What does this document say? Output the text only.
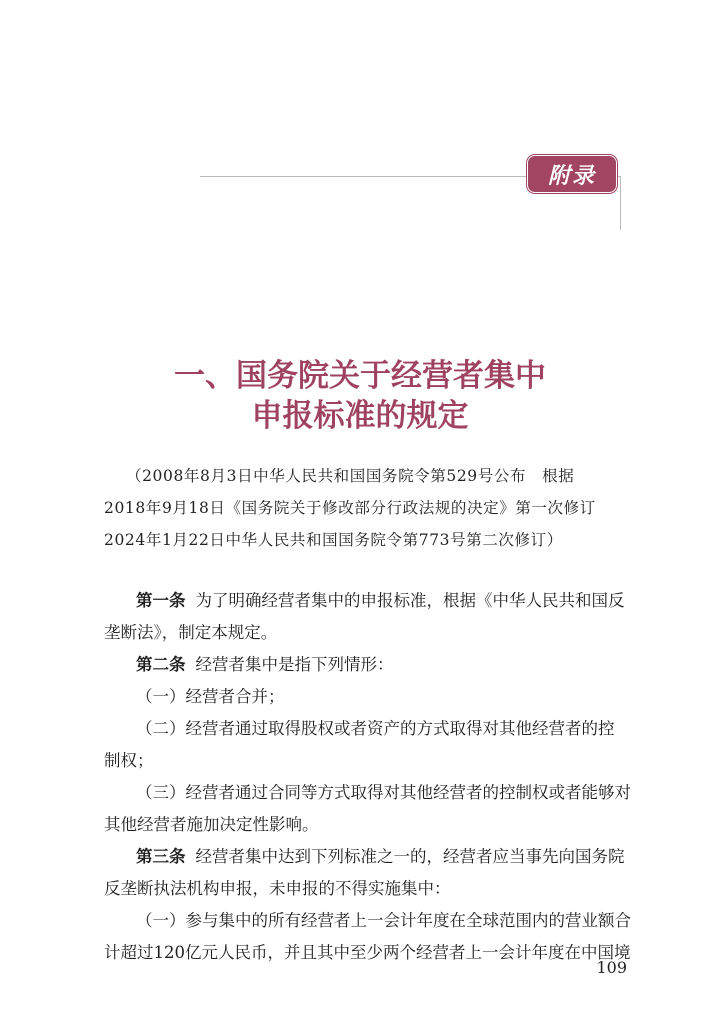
附录
一、国务院关于经营者集中
申报标准的规定
（2008年8月3日中华人民共和国国务院令第529号公布　根据
2018年9月18日《国务院关于修改部分行政法规的决定》第一次修订
2024年1月22日中华人民共和国国务院令第773号第二次修订）
第一条 为了明确经营者集中的申报标准，根据《中华人民共和国反
垄断法》，制定本规定。
第二条 经营者集中是指下列情形：
（一）经营者合并；
（二）经营者通过取得股权或者资产的方式取得对其他经营者的控
制权；
（三）经营者通过合同等方式取得对其他经营者的控制权或者能够对
其他经营者施加决定性影响。
第三条 经营者集中达到下列标准之一的，经营者应当事先向国务院
反垄断执法机构申报，未申报的不得实施集中：
（一）参与集中的所有经营者上一会计年度在全球范围内的营业额合
计超过120亿元人民币，并且其中至少两个经营者上一会计年度在中国境
109
